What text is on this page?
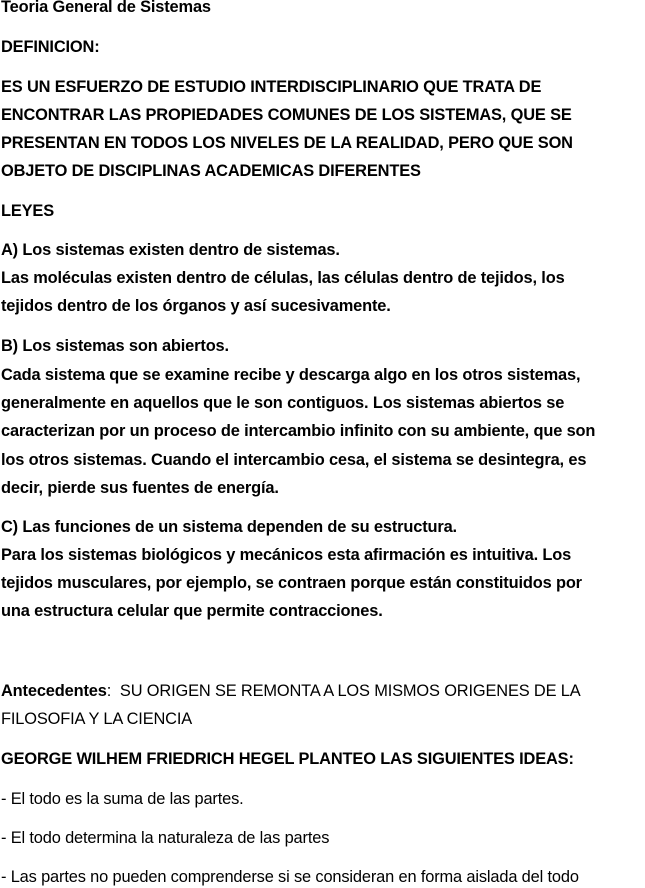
Teoria General de Sistemas
DEFINICION:
ES UN ESFUERZO DE ESTUDIO INTERDISCIPLINARIO QUE TRATA DE
ENCONTRAR LAS PROPIEDADES COMUNES DE LOS SISTEMAS, QUE SE
PRESENTAN EN TODOS LOS NIVELES DE LA REALIDAD, PERO QUE SON
OBJETO DE DISCIPLINAS ACADEMICAS DIFERENTES
LEYES
A) Los sistemas existen dentro de sistemas.
Las moléculas existen dentro de células, las células dentro de tejidos, los
tejidos dentro de los órganos y así sucesivamente.
B) Los sistemas son abiertos.
Cada sistema que se examine recibe y descarga algo en los otros sistemas,
generalmente en aquellos que le son contiguos. Los sistemas abiertos se
caracterizan por un proceso de intercambio infinito con su ambiente, que son
los otros sistemas. Cuando el intercambio cesa, el sistema se desintegra, es
decir, pierde sus fuentes de energía.
C) Las funciones de un sistema dependen de su estructura.
Para los sistemas biológicos y mecánicos esta afirmación es intuitiva. Los
tejidos musculares, por ejemplo, se contraen porque están constituidos por
una estructura celular que permite contracciones.
Antecedentes: SU ORIGEN SE REMONTA A LOS MISMOS ORIGENES DE LA
FILOSOFIA Y LA CIENCIA
GEORGE WILHEM FRIEDRICH HEGEL PLANTEO LAS SIGUIENTES IDEAS:
- El todo es la suma de las partes.
- El todo determina la naturaleza de las partes
- Las partes no pueden comprenderse si se consideran en forma aislada del todo
